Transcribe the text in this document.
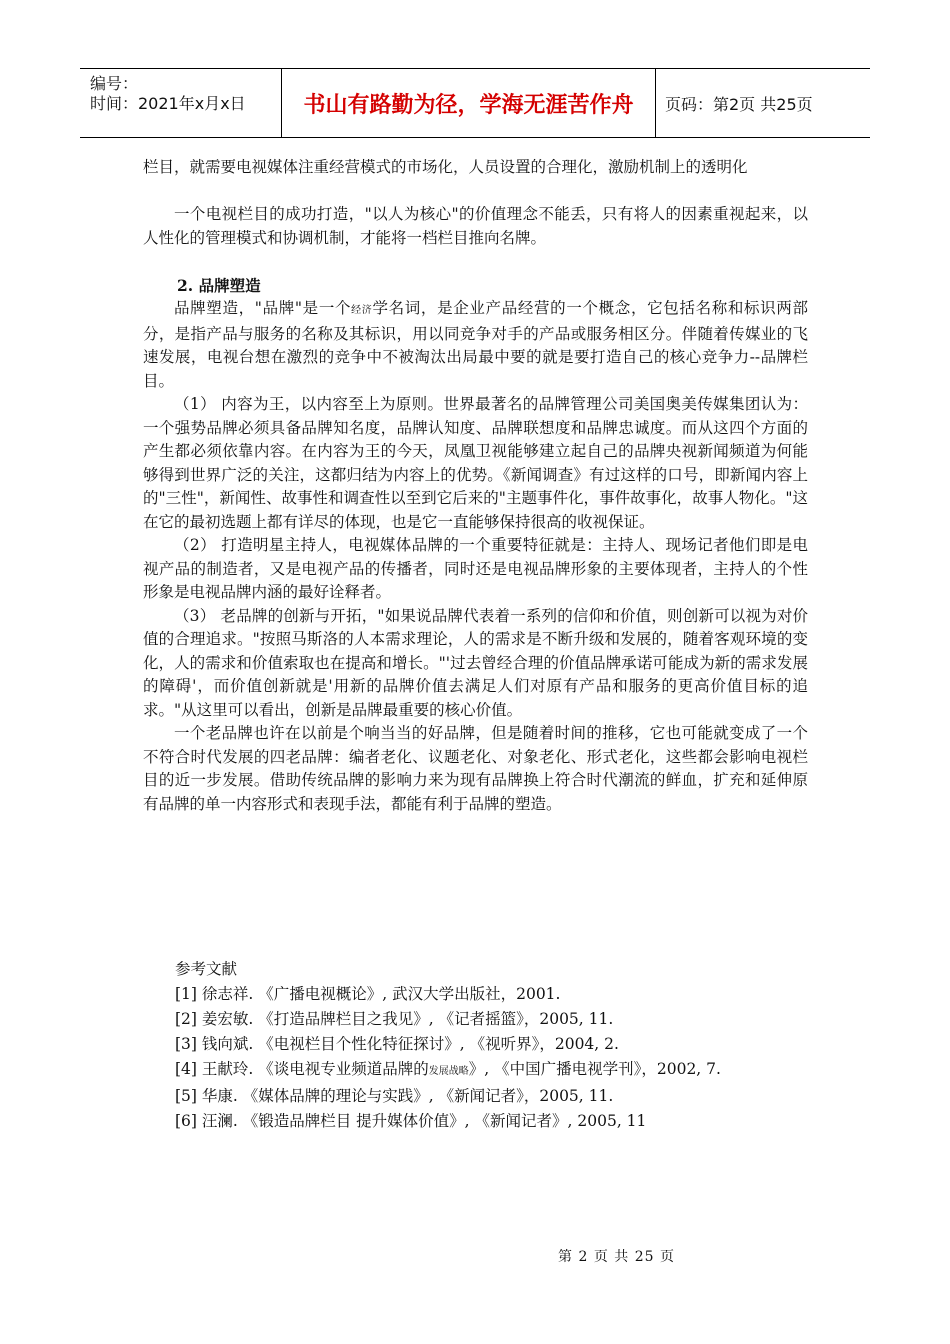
编号：
时间：2021年x月x日	书山有路勤为径，学海无涯苦作舟	页码：第2页 共25页

栏目，就需要电视媒体注重经营模式的市场化，人员设置的合理化，激励机制上的透明化

一个电视栏目的成功打造，"以人为核心"的价值理念不能丢，只有将人的因素重视起来，以人性化的管理模式和协调机制，才能将一档栏目推向名牌。

2. 品牌塑造

品牌塑造，"品牌"是一个经济学名词，是企业产品经营的一个概念，它包括名称和标识两部分，是指产品与服务的名称及其标识，用以同竞争对手的产品或服务相区分。伴随着传媒业的飞速发展，电视台想在激烈的竞争中不被淘汰出局最中要的就是要打造自己的核心竞争力--品牌栏目。

（1） 内容为王，以内容至上为原则。世界最著名的品牌管理公司美国奥美传媒集团认为：一个强势品牌必须具备品牌知名度，品牌认知度、品牌联想度和品牌忠诚度。而从这四个方面的产生都必须依靠内容。在内容为王的今天，凤凰卫视能够建立起自己的品牌央视新闻频道为何能够得到世界广泛的关注，这都归结为内容上的优势。《新闻调查》有过这样的口号，即新闻内容上的"三性"，新闻性、故事性和调查性以至到它后来的"主题事件化，事件故事化，故事人物化。"这在它的最初选题上都有详尽的体现，也是它一直能够保持很高的收视保证。

（2） 打造明星主持人，电视媒体品牌的一个重要特征就是：主持人、现场记者他们即是电视产品的制造者，又是电视产品的传播者，同时还是电视品牌形象的主要体现者，主持人的个性形象是电视品牌内涵的最好诠释者。

（3） 老品牌的创新与开拓，"如果说品牌代表着一系列的信仰和价值，则创新可以视为对价值的合理追求。"按照马斯洛的人本需求理论，人的需求是不断升级和发展的，随着客观环境的变化，人的需求和价值索取也在提高和增长。"'过去曾经合理的价值品牌承诺可能成为新的需求发展的障碍'，而价值创新就是'用新的品牌价值去满足人们对原有产品和服务的更高价值目标的追求。"从这里可以看出，创新是品牌最重要的核心价值。

一个老品牌也许在以前是个响当当的好品牌，但是随着时间的推移，它也可能就变成了一个不符合时代发展的四老品牌：编者老化、议题老化、对象老化、形式老化，这些都会影响电视栏目的近一步发展。借助传统品牌的影响力来为现有品牌换上符合时代潮流的鲜血，扩充和延伸原有品牌的单一内容形式和表现手法，都能有利于品牌的塑造。

参考文献
[1] 徐志祥. 《广播电视概论》, 武汉大学出版社，2001.
[2] 姜宏敏. 《打造品牌栏目之我见》, 《记者摇篮》，2005, 11.
[3] 钱向斌. 《电视栏目个性化特征探讨》, 《视听界》，2004, 2.
[4] 王献玲. 《谈电视专业频道品牌的发展战略》, 《中国广播电视学刊》，2002, 7.
[5] 华康. 《媒体品牌的理论与实践》, 《新闻记者》，2005, 11.
[6] 汪澜. 《锻造品牌栏目 提升媒体价值》, 《新闻记者》, 2005, 11
第 2 页 共 25 页
